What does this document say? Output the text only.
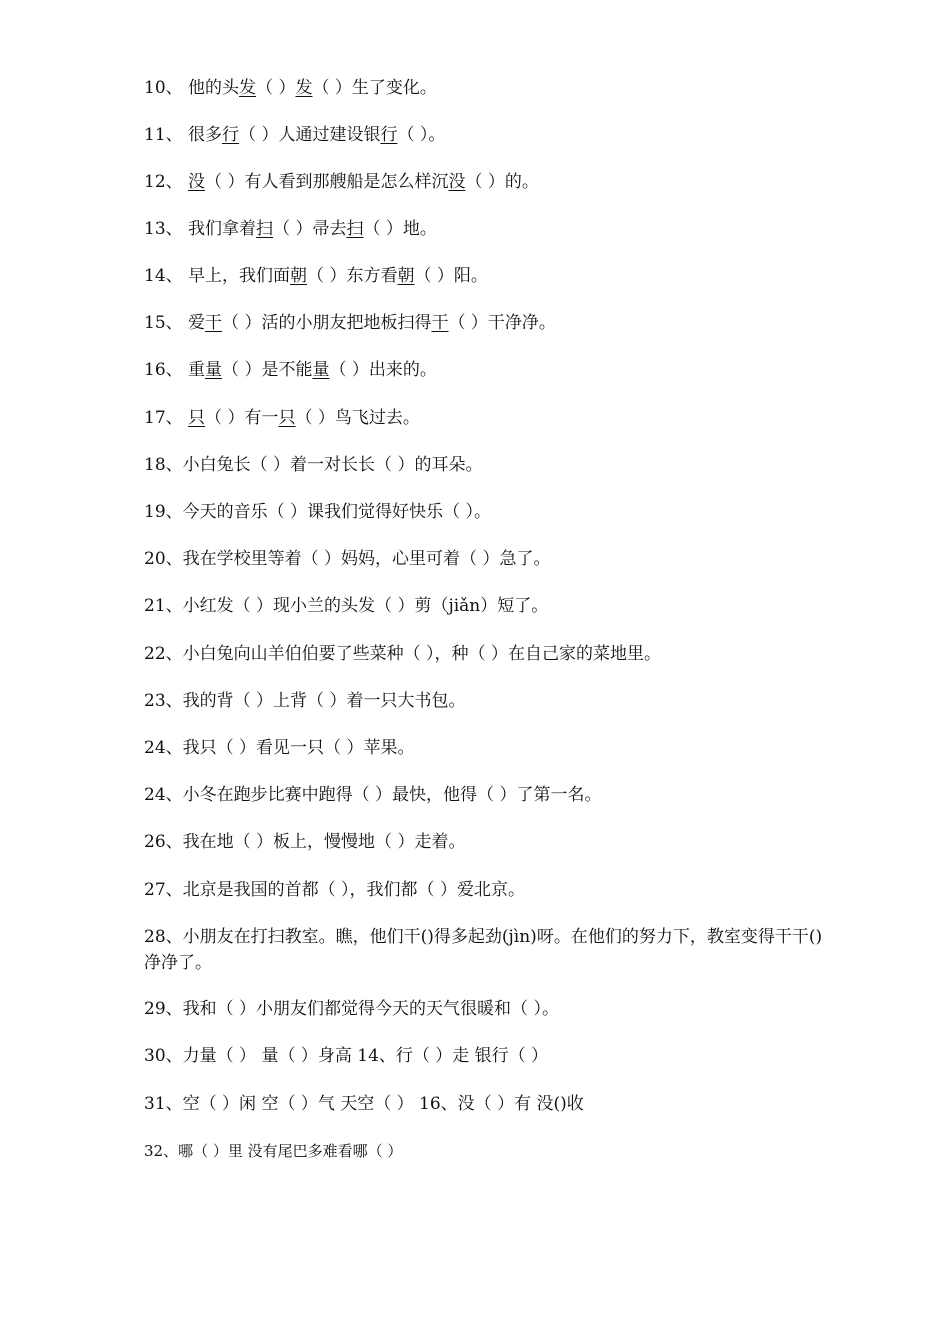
10、 他的头发（ ）发（ ）生了变化。
11、 很多行（ ）人通过建设银行（ ）。
12、 没（ ）有人看到那艘船是怎么样沉没（ ）的。
13、 我们拿着扫（ ）帚去扫（ ）地。
14、 早上，我们面朝（ ）东方看朝（ ）阳。
15、 爱干（ ）活的小朋友把地板扫得干（ ）干净净。
16、 重量（ ）是不能量（ ）出来的。
17、 只（ ）有一只（ ）鸟飞过去。
18、小白兔长（ ）着一对长长（ ）的耳朵。
19、今天的音乐（ ）课我们觉得好快乐（ ）。
20、我在学校里等着（ ）妈妈，心里可着（ ）急了。
21、小红发（ ）现小兰的头发（ ）剪（jiǎn）短了。
22、小白兔向山羊伯伯要了些菜种（ ），种（ ）在自己家的菜地里。
23、我的背（ ）上背（ ）着一只大书包。
24、我只（ ）看见一只（ ）苹果。
24、小冬在跑步比赛中跑得（ ）最快，他得（ ）了第一名。
26、我在地（ ）板上，慢慢地（ ）走着。
27、北京是我国的首都（ ），我们都（ ）爱北京。
28、小朋友在打扫教室。瞧，他们干()得多起劲(jìn)呀。在他们的努力下，教室变得干干()净净了。
29、我和（ ）小朋友们都觉得今天的天气很暖和（ ）。
30、力量（ ） 量（ ）身高 14、行（ ）走 银行（ ）
31、空（ ）闲 空（ ）气 天空（ ） 16、没（ ）有 没()收
32、哪（ ）里 没有尾巴多难看哪（ ）
